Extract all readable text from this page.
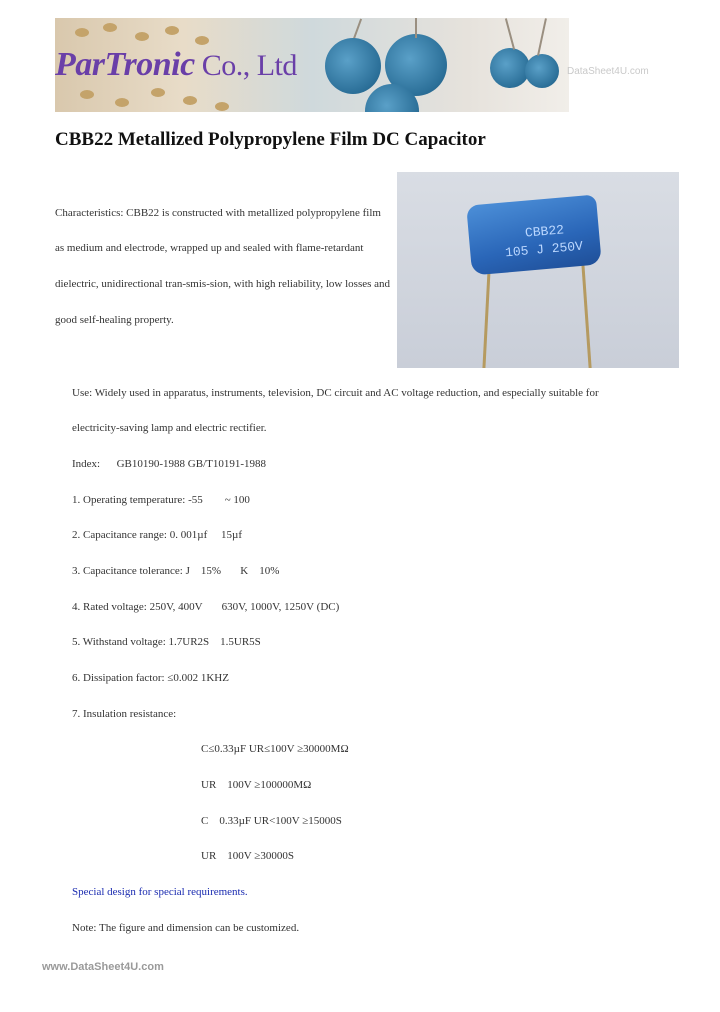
ParTronic Co., Ltd	DataSheet4U.com
CBB22 Metallized Polypropylene Film DC Capacitor

Characteristics: CBB22 is constructed with metallized polypropylene film

as medium and electrode, wrapped up and sealed with flame-retardant

dielectric, unidirectional tran-smis-sion, with high reliability, low losses and

good self-healing property.

CBB22
105 J 250V

Use: Widely used in apparatus, instruments, television, DC circuit and AC voltage reduction, and especially suitable for

electricity-saving lamp and electric rectifier.

Index:      GB10190-1988 GB/T10191-1988

1. Operating temperature: -55        ~ 100

2. Capacitance range: 0. 001µf     15µf

3. Capacitance tolerance: J    15%       K    10%

4. Rated voltage: 250V, 400V       630V, 1000V, 1250V (DC)

5. Withstand voltage: 1.7UR2S    1.5UR5S

6. Dissipation factor: ≤0.002 1KHZ

7. Insulation resistance:

C≤0.33µF UR≤100V ≥30000MΩ

UR    100V ≥100000MΩ

C    0.33µF UR<100V ≥15000S

UR    100V ≥30000S

Special design for special requirements.

Note: The figure and dimension can be customized.

www.DataSheet4U.com
